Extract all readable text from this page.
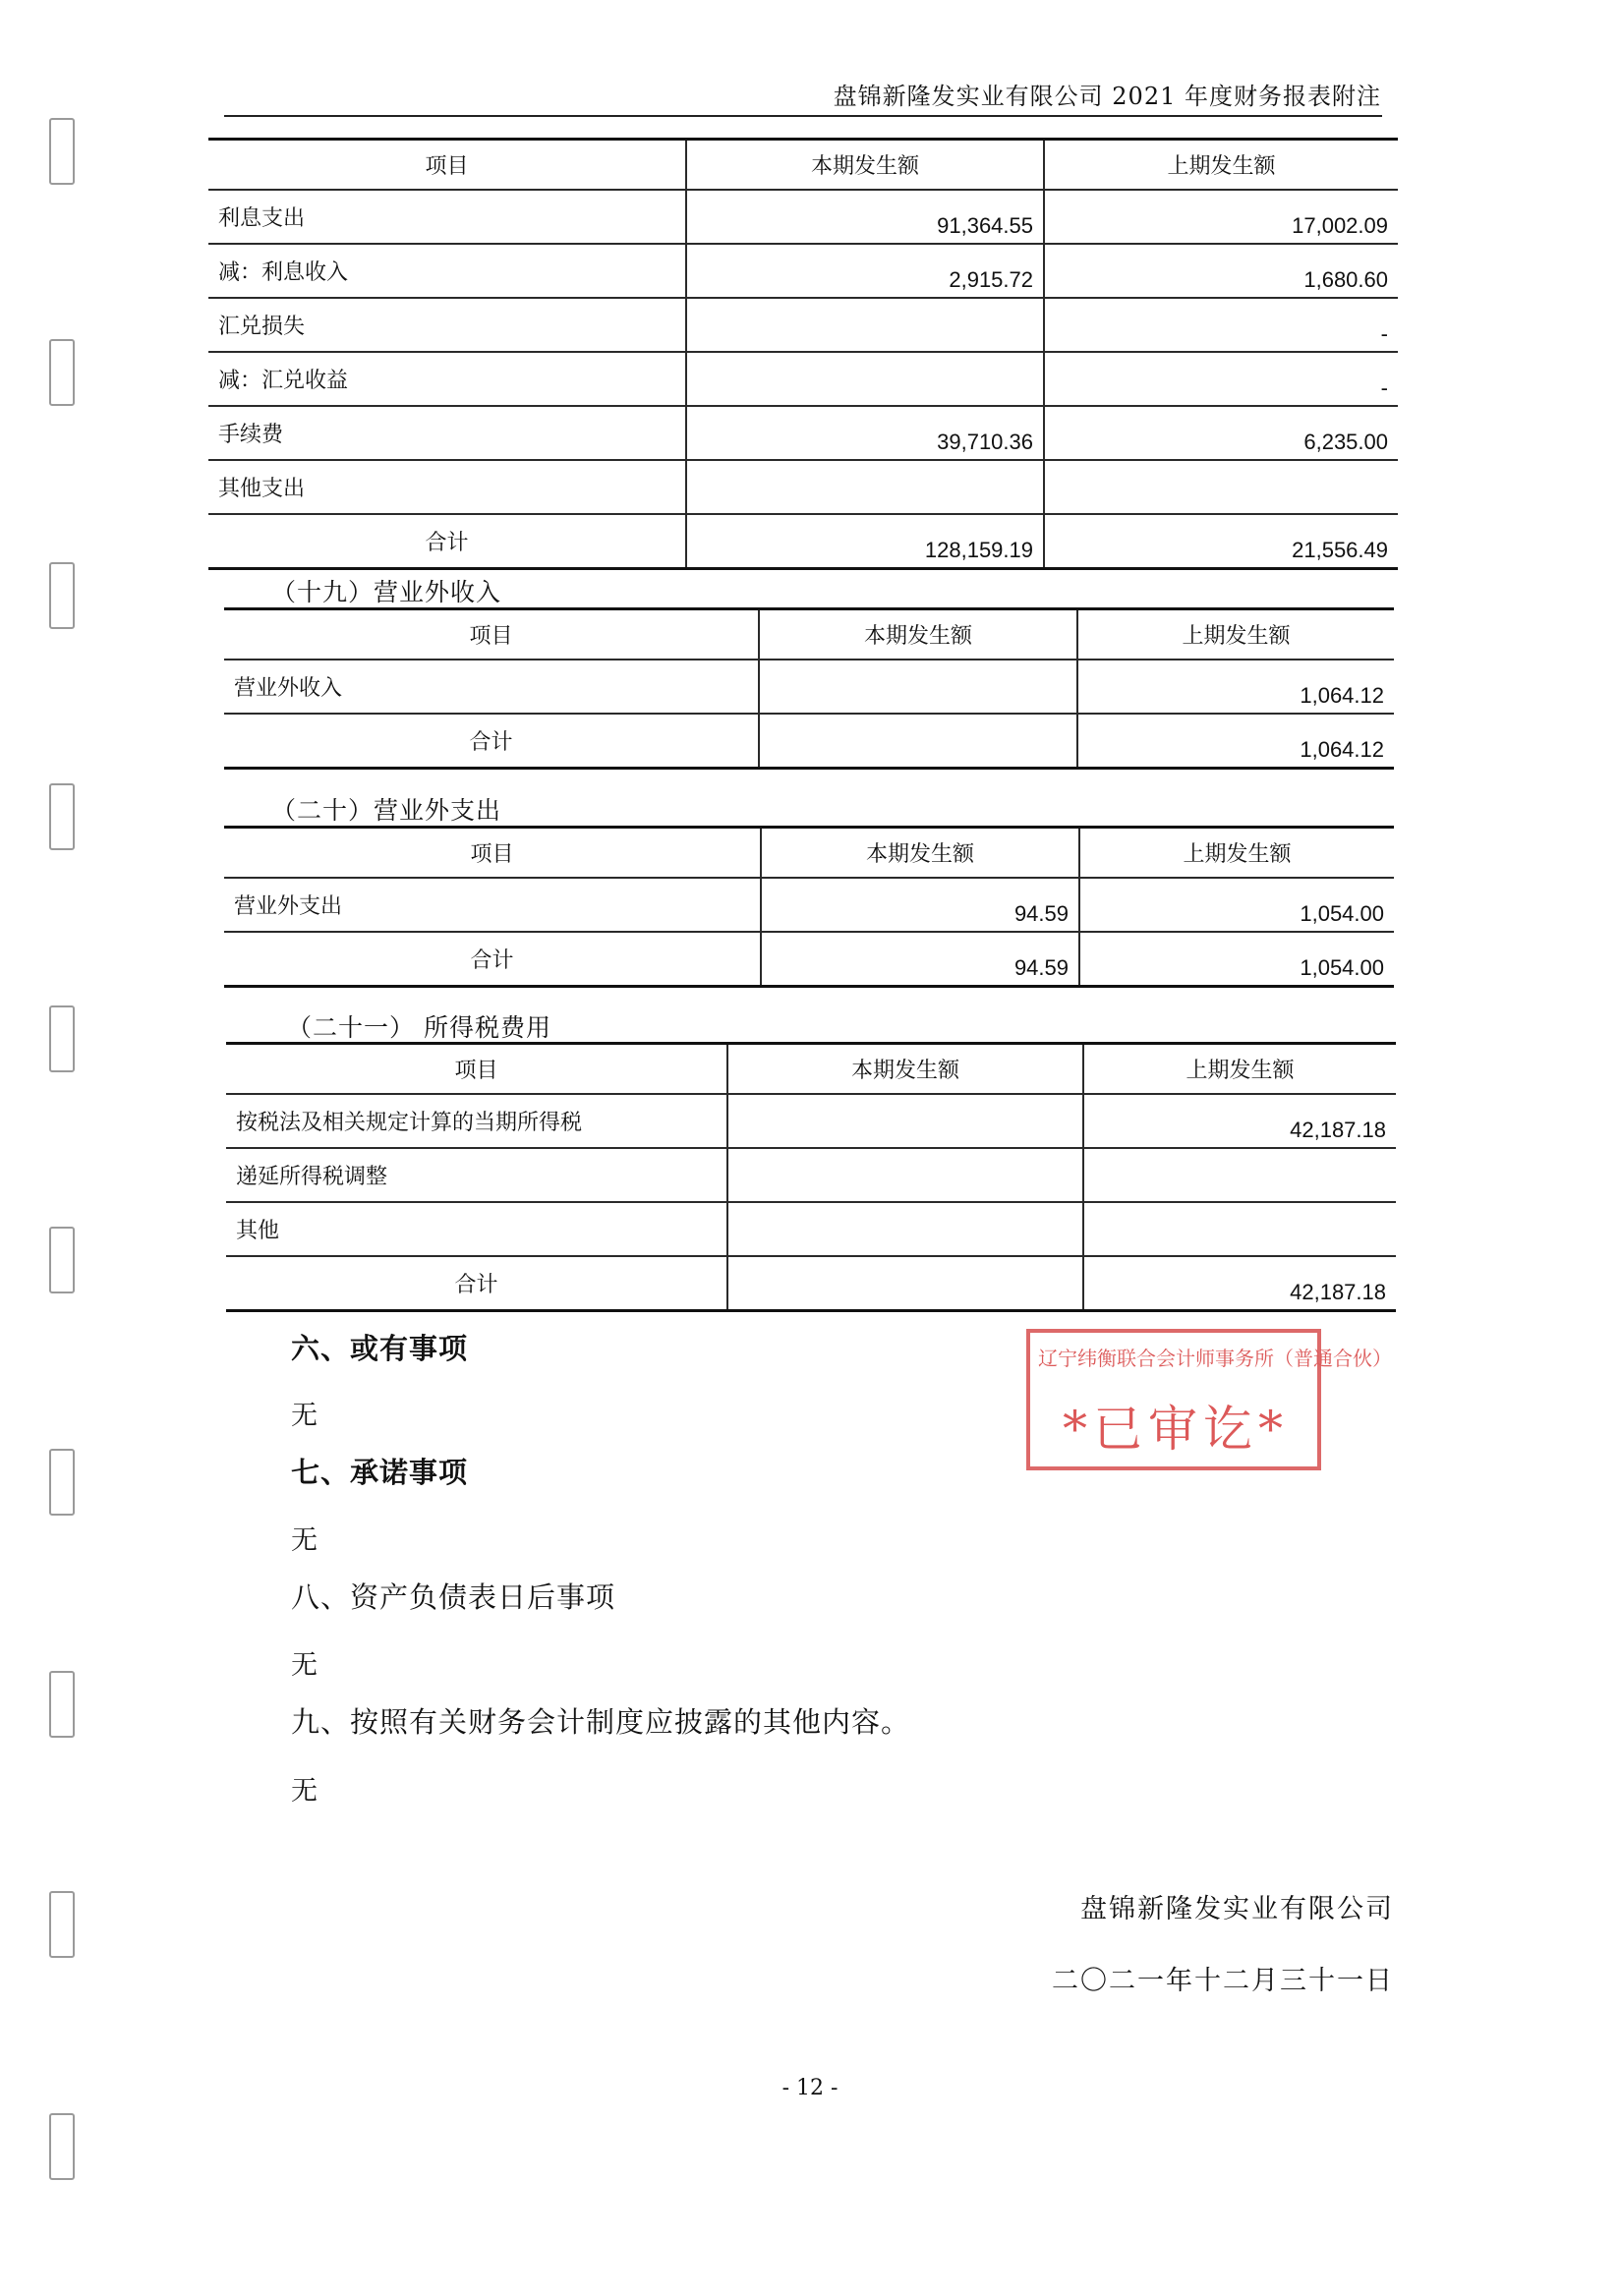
盘锦新隆发实业有限公司 2021 年度财务报表附注
项目	本期发生额	上期发生额
利息支出	91,364.55	17,002.09
减：利息收入	2,915.72	1,680.60
汇兑损失		-
减：汇兑收益		-
手续费	39,710.36	6,235.00
其他支出		
合计	128,159.19	21,556.49
（十九）营业外收入
项目	本期发生额	上期发生额
营业外收入		1,064.12
合计		1,064.12
（二十）营业外支出
项目	本期发生额	上期发生额
营业外支出	94.59	1,054.00
合计	94.59	1,054.00
（二十一） 所得税费用
项目	本期发生额	上期发生额
按税法及相关规定计算的当期所得税		42,187.18
递延所得税调整		
其他		
合计		42,187.18
六、或有事项
无
七、承诺事项
无
八、资产负债表日后事项
无
九、按照有关财务会计制度应披露的其他内容。
无
辽宁纬衡联合会计师事务所（普通合伙）
*已审讫*
盘锦新隆发实业有限公司
二〇二一年十二月三十一日
- 12 -
